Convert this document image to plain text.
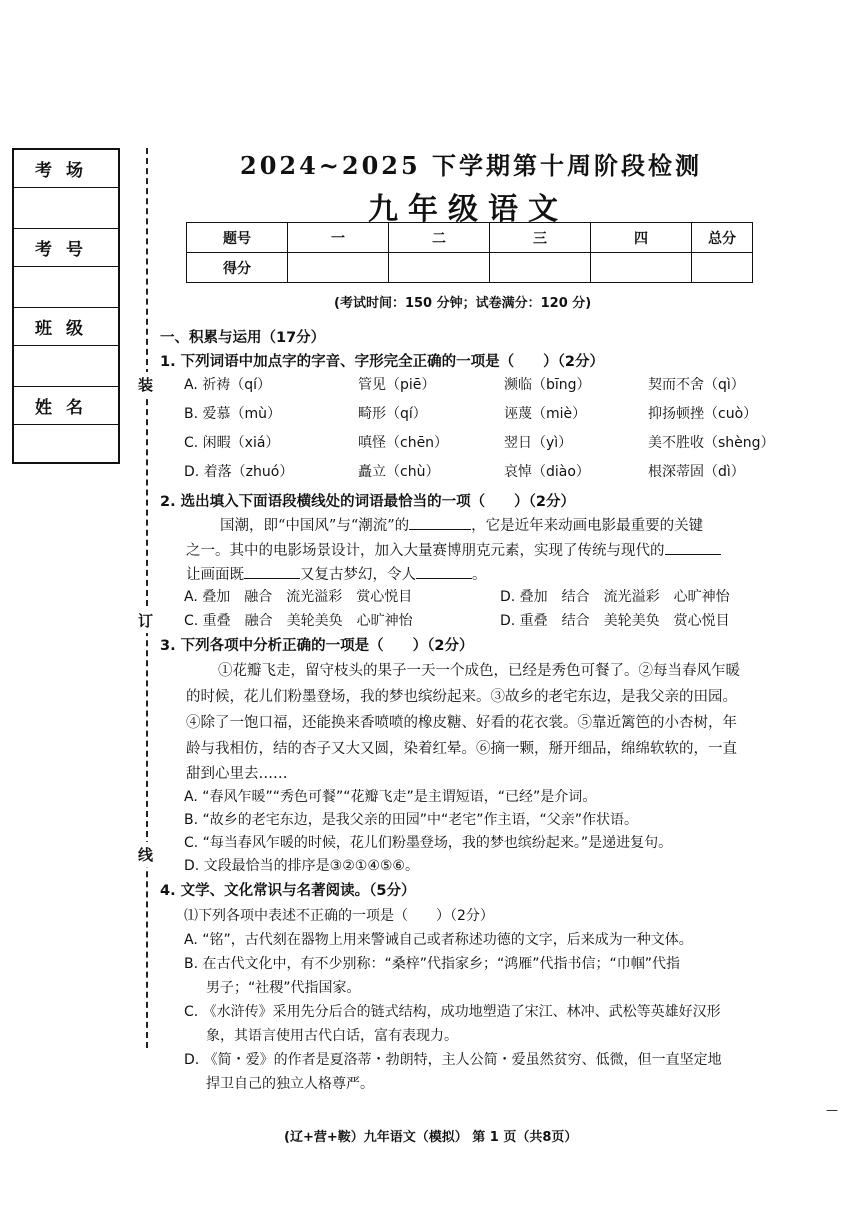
考场
考号
班级
姓名
装
订
线
2024~2025 下学期第十周阶段检测
九年级语文
题号	一	二	三	四	总分
得分					
(考试时间：150 分钟；试卷满分：120 分)
一、积累与运用（17分）
1. 下列词语中加点字的字音、字形完全正确的一项是（　　）（2分）
A. 祈祷（qí）	管见（piē）	濒临（bīng）	契而不舍（qì）
B. 爱慕（mù）	畸形（qí）	诬蔑（miè）	抑扬顿挫（cuò）
C. 闲暇（xiá）	嗔怪（chēn）	翌日（yì）	美不胜收（shèng）
D. 着落（zhuó）	矗立（chù）	哀悼（diào）	根深蒂固（dì）
2. 选出填入下面语段横线处的词语最恰当的一项（　　）（2分）
国潮，即“中国风”与“潮流”的	，它是近年来动画电影最重要的关键
之一。其中的电影场景设计，加入大量赛博朋克元素，实现了传统与现代的
让画面既	又复古梦幻，令人	。
A. 叠加　融合　流光溢彩　赏心悦目	D. 叠加　结合　流光溢彩　心旷神怡
C. 重叠　融合　美轮美奂　心旷神怡	D. 重叠　结合　美轮美奂　赏心悦目
3. 下列各项中分析正确的一项是（　　）（2分）
①花瓣飞走，留守枝头的果子一天一个成色，已经是秀色可餐了。②每当春风乍暖
的时候，花儿们粉墨登场，我的梦也缤纷起来。③故乡的老宅东边，是我父亲的田园。
④除了一饱口福，还能换来香喷喷的橡皮糖、好看的花衣裳。⑤靠近篱笆的小杏树，年
龄与我相仿，结的杏子又大又圆，染着红晕。⑥摘一颗，掰开细品，绵绵软软的，一直
甜到心里去……
A. “春风乍暖”“秀色可餐”“花瓣飞走”是主谓短语，“已经”是介词。
B. “故乡的老宅东边，是我父亲的田园”中“老宅”作主语，“父亲”作状语。
C. “每当春风乍暖的时候，花儿们粉墨登场，我的梦也缤纷起来。”是递进复句。
D. 文段最恰当的排序是③②①④⑤⑥。
4. 文学、文化常识与名著阅读。（5分）
⑴下列各项中表述不正确的一项是（　　）（2分）
A. “铭”，古代刻在器物上用来警诫自己或者称述功德的文字，后来成为一种文体。
B. 在古代文化中，有不少别称：“桑梓”代指家乡；“鸿雁”代指书信；“巾帼”代指
男子；“社稷”代指国家。
C. 《水浒传》采用先分后合的链式结构，成功地塑造了宋江、林冲、武松等英雄好汉形
象，其语言使用古代白话，富有表现力。
D. 《简・爱》的作者是夏洛蒂・勃朗特，主人公简・爱虽然贫穷、低微，但一直坚定地
捍卫自己的独立人格尊严。
—
(辽+营+鞍）九年语文（模拟） 第 1 页（共8页）
